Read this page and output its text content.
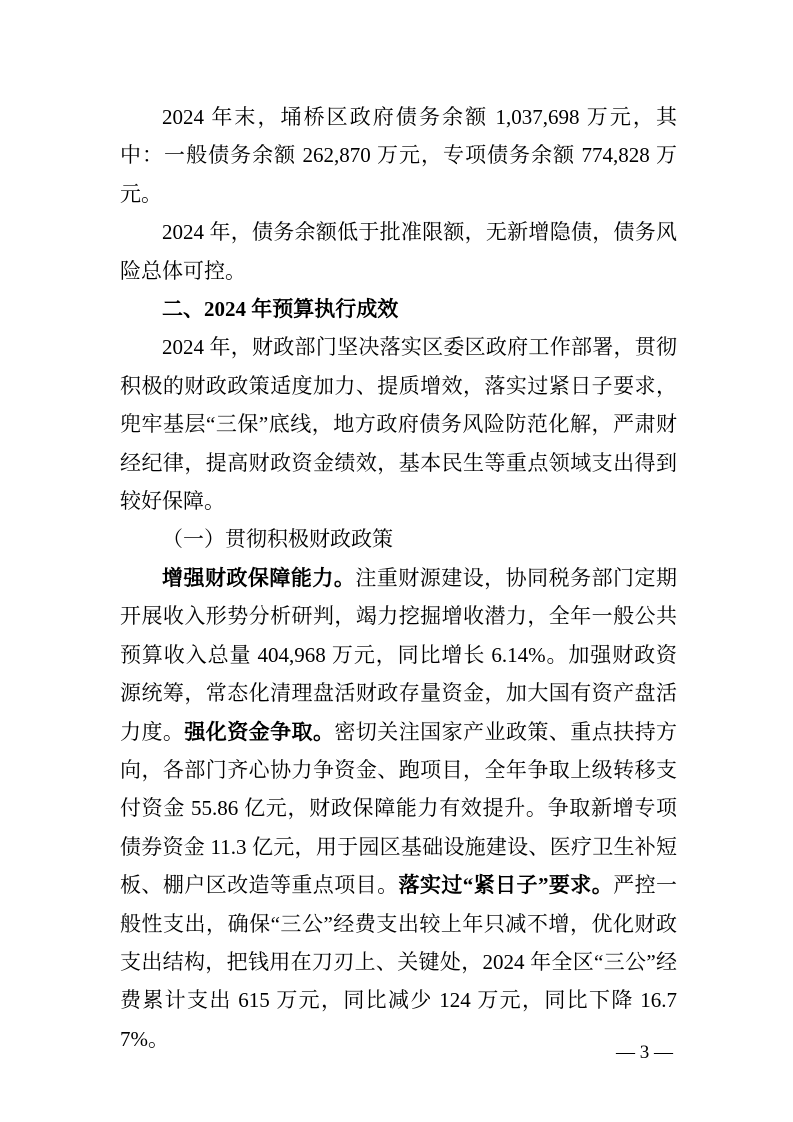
2024 年末，埇桥区政府债务余额 1,037,698 万元，其中：一般债务余额 262,870 万元，专项债务余额 774,828 万元。

2024 年，债务余额低于批准限额，无新增隐债，债务风险总体可控。

二、2024 年预算执行成效

2024 年，财政部门坚决落实区委区政府工作部署，贯彻积极的财政政策适度加力、提质增效，落实过紧日子要求，兜牢基层“三保”底线，地方政府债务风险防范化解，严肃财经纪律，提高财政资金绩效，基本民生等重点领域支出得到较好保障。

（一）贯彻积极财政政策

增强财政保障能力。注重财源建设，协同税务部门定期开展收入形势分析研判，竭力挖掘增收潜力，全年一般公共预算收入总量 404,968 万元，同比增长 6.14%。加强财政资源统筹，常态化清理盘活财政存量资金，加大国有资产盘活力度。强化资金争取。密切关注国家产业政策、重点扶持方向，各部门齐心协力争资金、跑项目，全年争取上级转移支付资金 55.86 亿元，财政保障能力有效提升。争取新增专项债券资金 11.3 亿元，用于园区基础设施建设、医疗卫生补短板、棚户区改造等重点项目。落实过“紧日子”要求。严控一般性支出，确保“三公”经费支出较上年只减不增，优化财政支出结构，把钱用在刀刃上、关键处，2024 年全区“三公”经费累计支出 615 万元，同比减少 124 万元，同比下降 16.77%。

— 3 —
